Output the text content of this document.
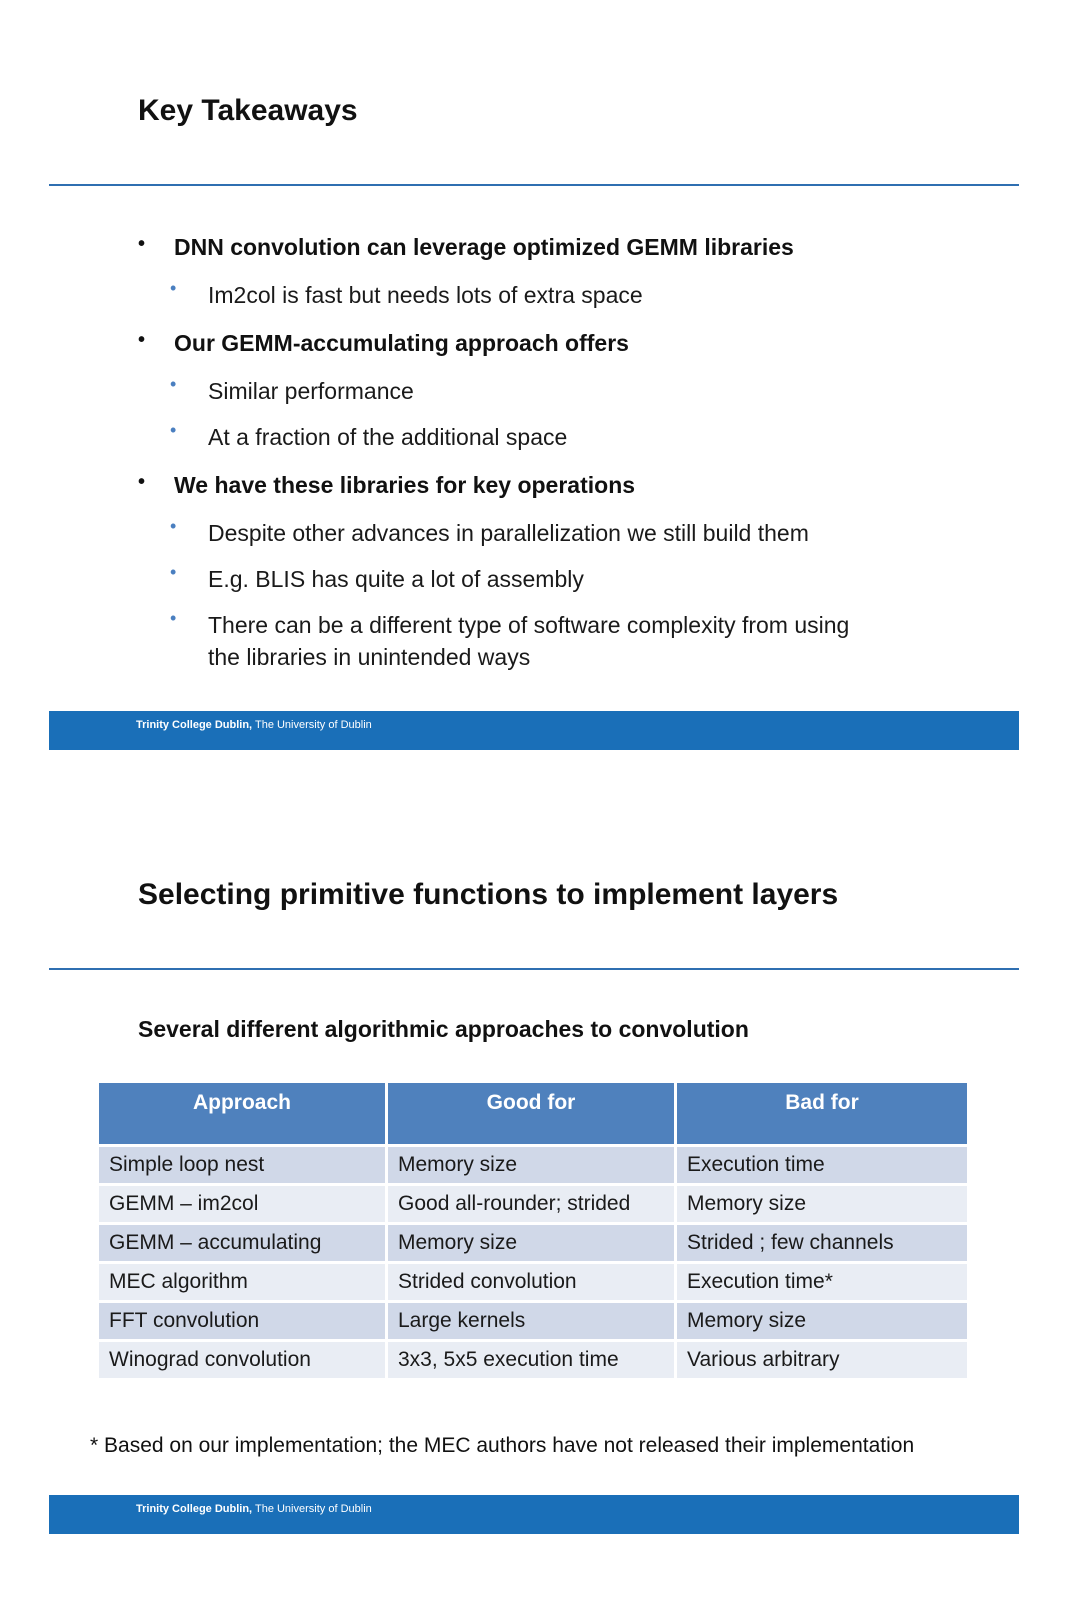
Key Takeaways
• DNN convolution can leverage optimized GEMM libraries
• Im2col is fast but needs lots of extra space
• Our GEMM-accumulating approach offers
• Similar performance
• At a fraction of the additional space
• We have these libraries for key operations
• Despite other advances in parallelization we still build them
• E.g. BLIS has quite a lot of assembly
• There can be a different type of software complexity from using
the libraries in unintended ways
Trinity College Dublin, The University of Dublin
Selecting primitive functions to implement layers
Several different algorithmic approaches to convolution
Approach	Good for	Bad for
Simple loop nest	Memory size	Execution time
GEMM – im2col	Good all-rounder; strided	Memory size
GEMM – accumulating	Memory size	Strided ; few channels
MEC algorithm	Strided convolution	Execution time*
FFT convolution	Large kernels	Memory size
Winograd convolution	3x3, 5x5 execution time	Various arbitrary
* Based on our implementation; the MEC authors have not released their implementation
Trinity College Dublin, The University of Dublin
